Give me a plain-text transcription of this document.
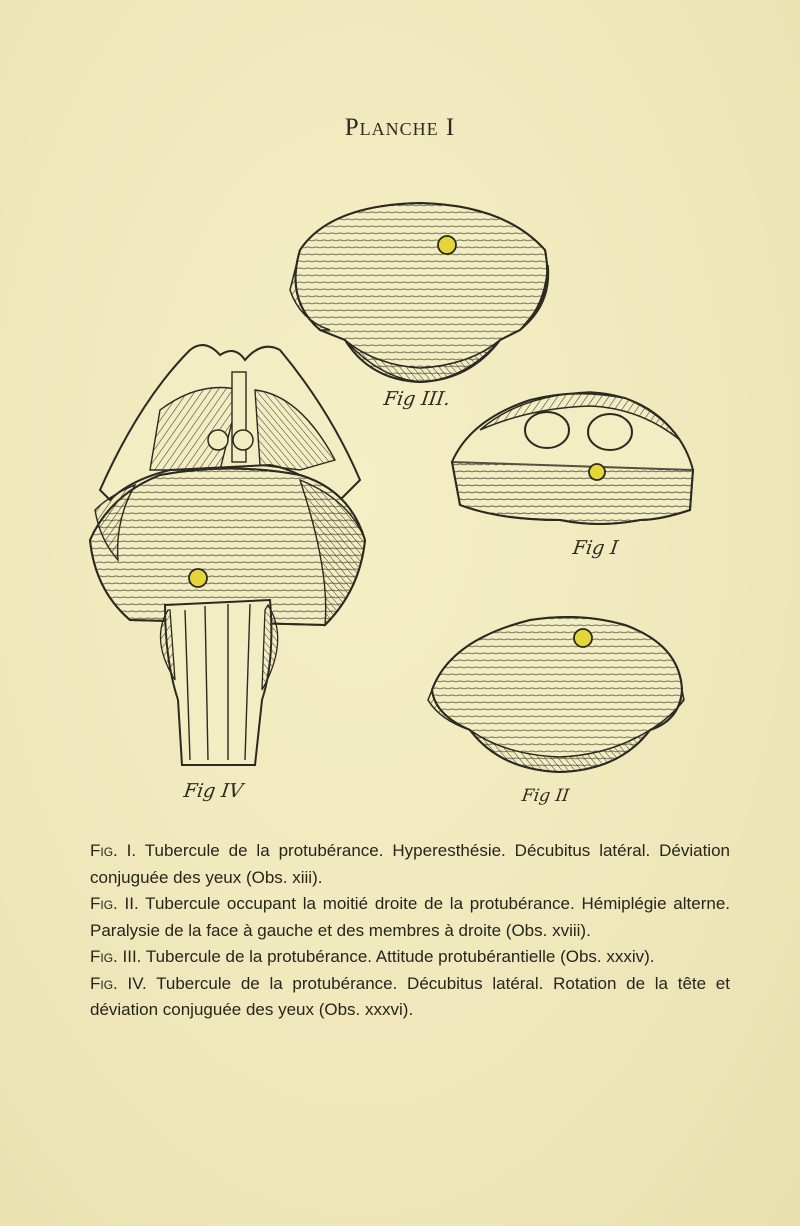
Planche I
Fig III.
Fig I
Fig IV	Fig II

Fig. I. Tubercule de la protubérance. Hyperesthésie. Décubitus latéral. Déviation conjuguée des yeux (Obs. xiii).

Fig. II. Tubercule occupant la moitié droite de la protubérance. Hémiplégie alterne. Paralysie de la face à gauche et des membres à droite (Obs. xviii).

Fig. III. Tubercule de la protubérance. Attitude protubérantielle (Obs. xxxiv).

Fig. IV. Tubercule de la protubérance. Décubitus latéral. Rotation de la tête et déviation conjuguée des yeux (Obs. xxxvi).
